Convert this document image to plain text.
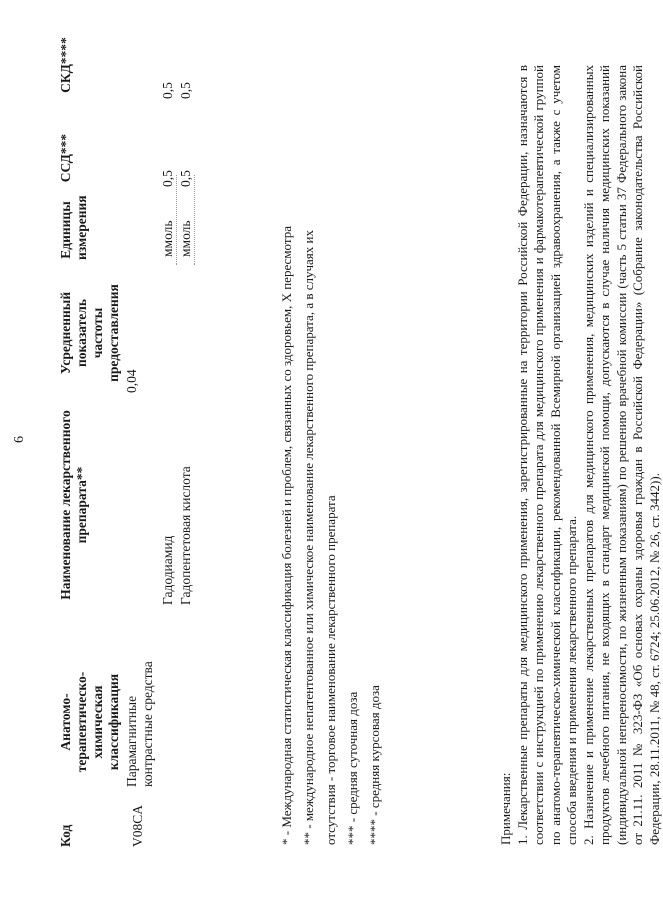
6
Код
Анатомо-терапевтическо-химическая классификация
Наименование лекарственного препарата**
Усредненный показатель частоты предоставления
Единицы измерения
ССД***
СКД****
V08CA
Парамагнитные контрастные средства
0,04
Гадодиамид
ммоль
0,5
0,5
Гадопентетовая кислота
ммоль
0,5
0,5
* - Международная статистическая классификация болезней и проблем, связанных со здоровьем, X пересмотра ** - международное непатентованное или химическое наименование лекарственного препарата, а в случаях их отсутствия - торговое наименование лекарственного препарата *** - средняя суточная доза **** - средняя курсовая доза	Примечания: 1. Лекарственные препараты для медицинского применения, зарегистрированные на территории Российской Федерации, назначаются в соответствии с инструкцией по применению лекарственного препарата для медицинского применения и фармакотерапевтической группой по анатомо-терапевтическо-химической классификации, рекомендованной Всемирной организацией здравоохранения, а также с учетом способа введения и применения лекарственного препарата. 2. Назначение и применение лекарственных препаратов для медицинского применения, медицинских изделий и специализированных продуктов лечебного питания, не входящих в стандарт медицинской помощи, допускаются в случае наличия медицинских показаний (индивидуальной непереносимости, по жизненным показаниям) по решению врачебной комиссии (часть 5 статьи 37 Федерального закона от 21.11. 2011 № 323-ФЗ «Об основах охраны здоровья граждан в Российской Федерации» (Собрание законодательства Российской Федерации, 28.11.2011, № 48, ст. 6724; 25.06.2012, № 26, ст. 3442)).
